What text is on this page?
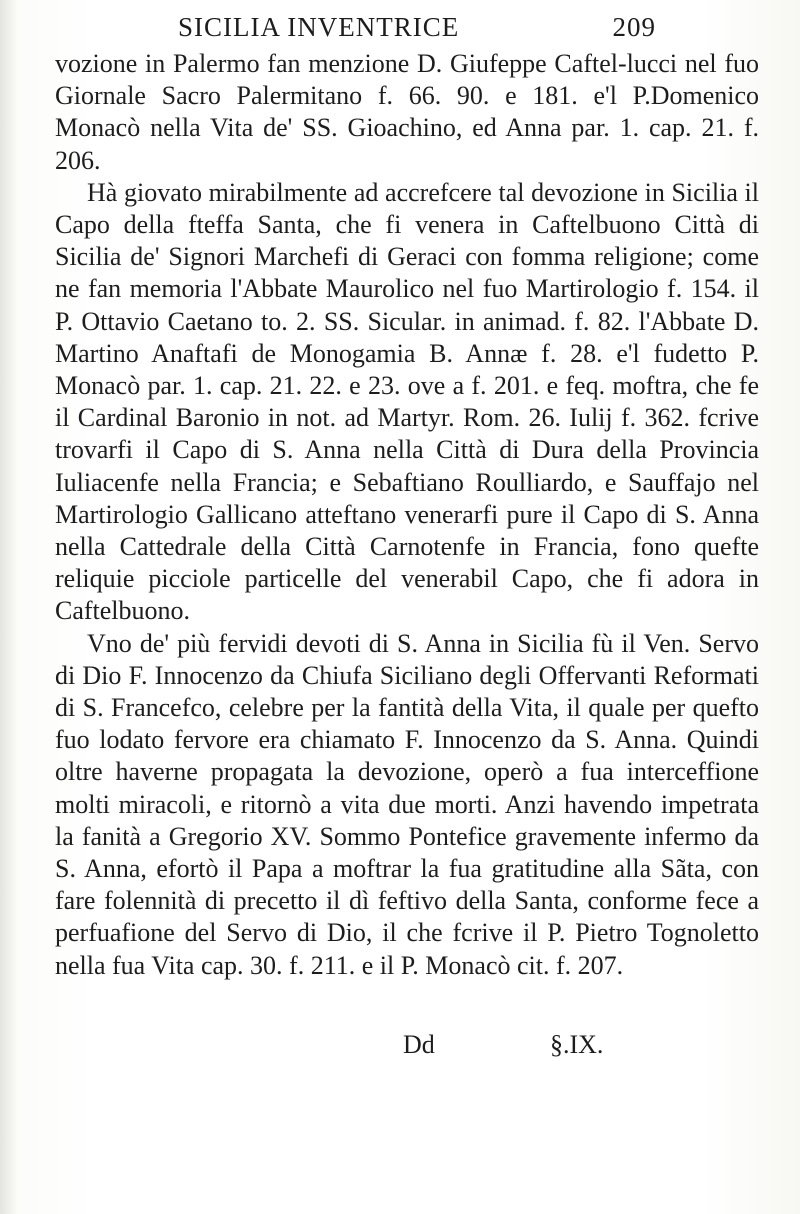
SICILIA INVENTRICE	209

vozione in Palermo fan menzione D. Giufeppe Caftel-lucci nel fuo Giornale Sacro Palermitano f. 66. 90. e 181. e'l P.Domenico Monacò nella Vita de' SS. Gioachino, ed Anna par. 1. cap. 21. f. 206.

Hà giovato mirabilmente ad accrefcere tal devozione in Sicilia il Capo della fteffa Santa, che fi venera in Caftelbuono Città di Sicilia de' Signori Marchefi di Geraci con fomma religione; come ne fan memoria l'Abbate Maurolico nel fuo Martirologio f. 154. il P. Ottavio Caetano to. 2. SS. Sicular. in animad. f. 82. l'Abbate D. Martino Anaftafi de Monogamia B. Annæ f. 28. e'l fudetto P. Monacò par. 1. cap. 21. 22. e 23. ove a f. 201. e feq. moftra, che fe il Cardinal Baronio in not. ad Martyr. Rom. 26. Iulij f. 362. fcrive trovarfi il Capo di S. Anna nella Città di Dura della Provincia Iuliacenfe nella Francia; e Sebaftiano Roulliardo, e Sauffajo nel Martirologio Gallicano atteftano venerarfi pure il Capo di S. Anna nella Cattedrale della Città Carnotenfe in Francia, fono quefte reliquie picciole particelle del venerabil Capo, che fi adora in Caftelbuono.

Vno de' più fervidi devoti di S. Anna in Sicilia fù il Ven. Servo di Dio F. Innocenzo da Chiufa Siciliano degli Offervanti Reformati di S. Francefco, celebre per la fantità della Vita, il quale per quefto fuo lodato fervore era chiamato F. Innocenzo da S. Anna. Quindi oltre haverne propagata la devozione, operò a fua interceffione molti miracoli, e ritornò a vita due morti. Anzi havendo impetrata la fanità a Gregorio XV. Sommo Pontefice gravemente infermo da S. Anna, efortò il Papa a moftrar la fua gratitudine alla Sãta, con fare folennità di precetto il dì feftivo della Santa, conforme fece a perfuafione del Servo di Dio, il che fcrive il P. Pietro Tognoletto nella fua Vita cap. 30. f. 211. e il P. Monacò cit. f. 207.

Dd	§.IX.
